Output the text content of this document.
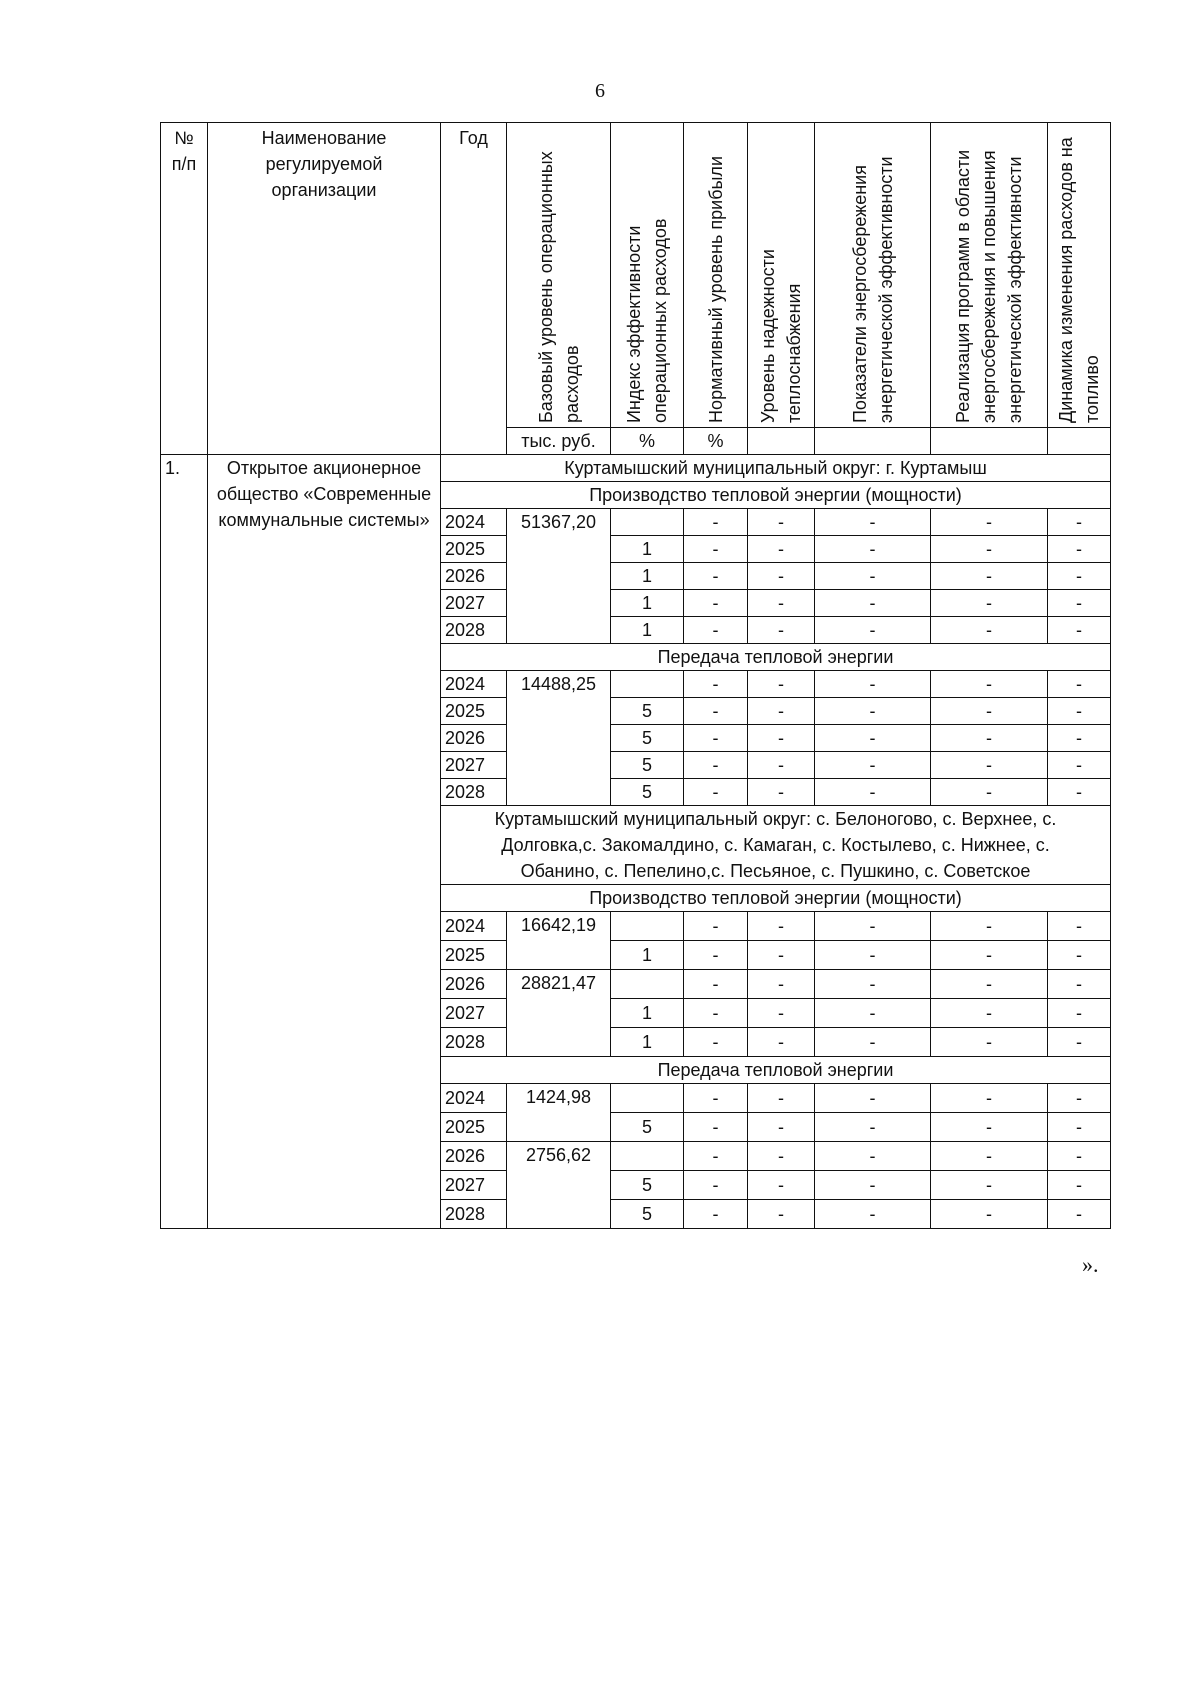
6
№ п/п	Наименование регулируемой организации	Год	Базовый уровень операционных расходов	Индекс эффективности операционных расходов	Нормативный уровень прибыли	Уровень надежности теплоснабжения	Показатели энергосбережения энергетической эффективности	Реализация программ в области энергосбережения и повышения энергетической эффективности	Динамика изменения расходов на топливо

			тыс. руб.	%	%				
1.	Открытое акционерное общество «Современные коммунальные системы»	Куртамышский муниципальный округ: г. Куртамыш							
		Производство тепловой энергии (мощности)							
		2024	51367,20		-	-	-	-	-
		2025		1	-	-	-	-	-
		2026		1	-	-	-	-	-
		2027		1	-	-	-	-	-
		2028		1	-	-	-	-	-
		Передача тепловой энергии							
		2024	14488,25		-	-	-	-	-
		2025		5	-	-	-	-	-
		2026		5	-	-	-	-	-
		2027		5	-	-	-	-	-
		2028		5	-	-	-	-	-
		Куртамышский муниципальный округ: с. Белоногово, с. Верхнее, с. Долговка,с. Закомалдино, с. Камаган, с. Костылево, с. Нижнее, с. Обанино, с. Пепелино,с. Песьяное, с. Пушкино, с. Советское							
		Производство тепловой энергии (мощности)							
		2024	16642,19		-	-	-	-	-
		2025		1	-	-	-	-	-
		2026	28821,47		-	-	-	-	-
		2027		1	-	-	-	-	-
		2028		1	-	-	-	-	-
		Передача тепловой энергии							
		2024	1424,98		-	-	-	-	-
		2025		5	-	-	-	-	-
		2026	2756,62		-	-	-	-	-
		2027		5	-	-	-	-	-
		2028		5	-	-	-	-	-
».
